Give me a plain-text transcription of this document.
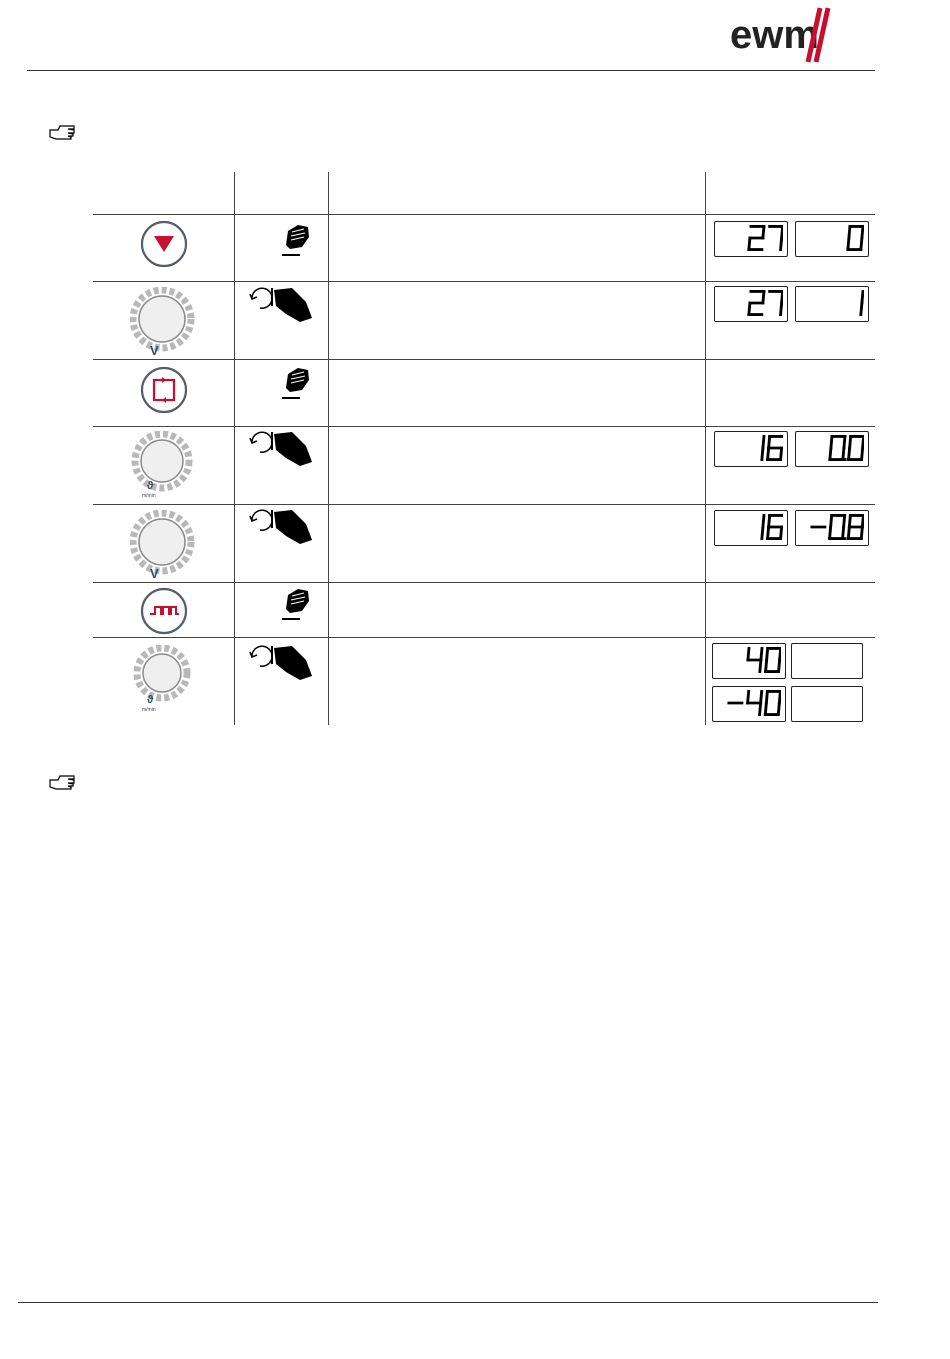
ewm
V
ϑ
m/min
V
ϑ
m/min
